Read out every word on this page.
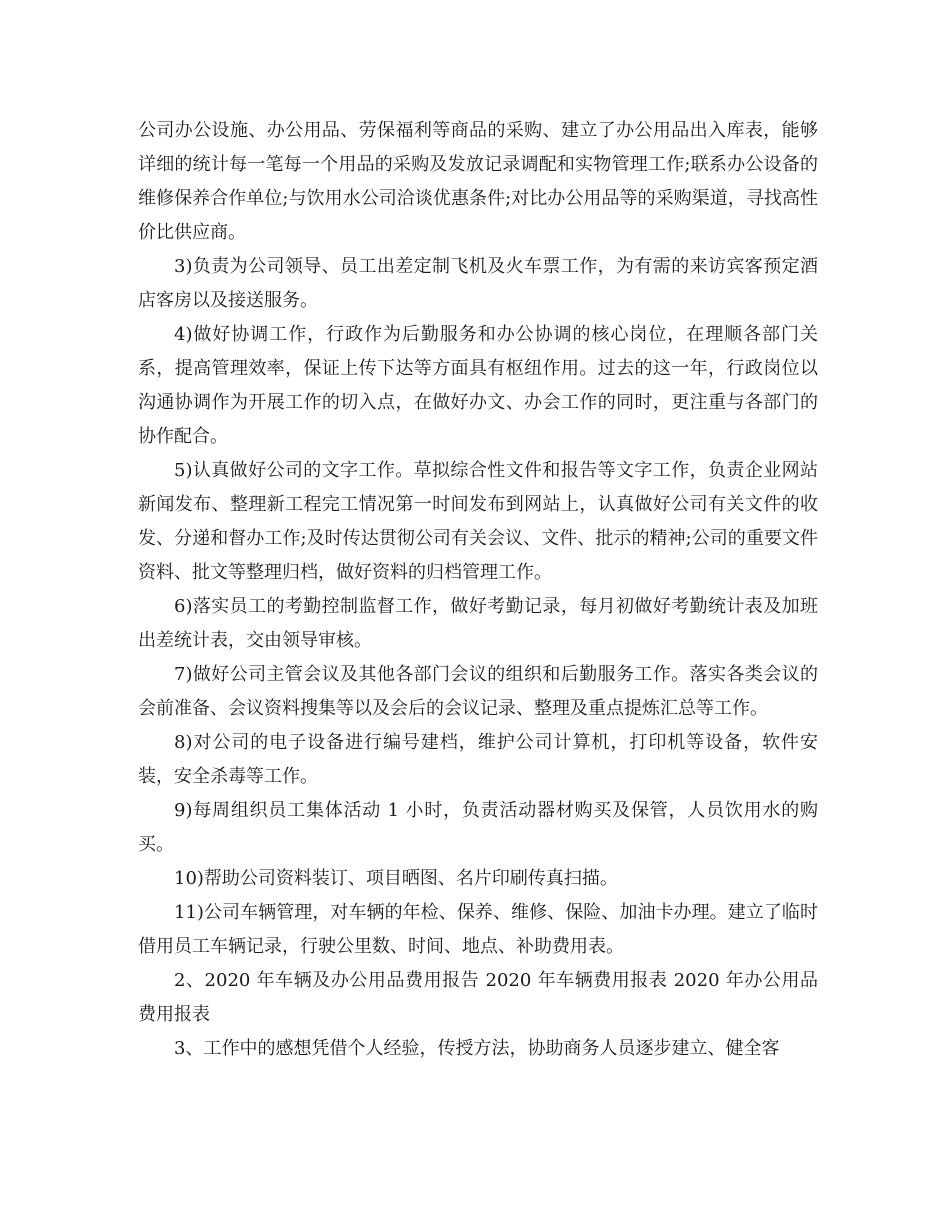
公司办公设施、办公用品、劳保福利等商品的采购、建立了办公用品出入库表，能够详细的统计每一笔每一个用品的采购及发放记录调配和实物管理工作;联系办公设备的维修保养合作单位;与饮用水公司洽谈优惠条件;对比办公用品等的采购渠道，寻找高性价比供应商。

3)负责为公司领导、员工出差定制飞机及火车票工作，为有需的来访宾客预定酒店客房以及接送服务。

4)做好协调工作，行政作为后勤服务和办公协调的核心岗位，在理顺各部门关系，提高管理效率，保证上传下达等方面具有枢纽作用。过去的这一年，行政岗位以沟通协调作为开展工作的切入点，在做好办文、办会工作的同时，更注重与各部门的协作配合。

5)认真做好公司的文字工作。草拟综合性文件和报告等文字工作，负责企业网站新闻发布、整理新工程完工情况第一时间发布到网站上，认真做好公司有关文件的收发、分递和督办工作;及时传达贯彻公司有关会议、文件、批示的精神;公司的重要文件资料、批文等整理归档，做好资料的归档管理工作。

6)落实员工的考勤控制监督工作，做好考勤记录，每月初做好考勤统计表及加班出差统计表，交由领导审核。

7)做好公司主管会议及其他各部门会议的组织和后勤服务工作。落实各类会议的会前准备、会议资料搜集等以及会后的会议记录、整理及重点提炼汇总等工作。

8)对公司的电子设备进行编号建档，维护公司计算机，打印机等设备，软件安装，安全杀毒等工作。

9)每周组织员工集体活动 1 小时，负责活动器材购买及保管，人员饮用水的购买。

10)帮助公司资料装订、项目晒图、名片印刷传真扫描。

11)公司车辆管理，对车辆的年检、保养、维修、保险、加油卡办理。建立了临时借用员工车辆记录，行驶公里数、时间、地点、补助费用表。

2、2020 年车辆及办公用品费用报告 2020 年车辆费用报表 2020 年办公用品费用报表

3、工作中的感想凭借个人经验，传授方法，协助商务人员逐步建立、健全客
